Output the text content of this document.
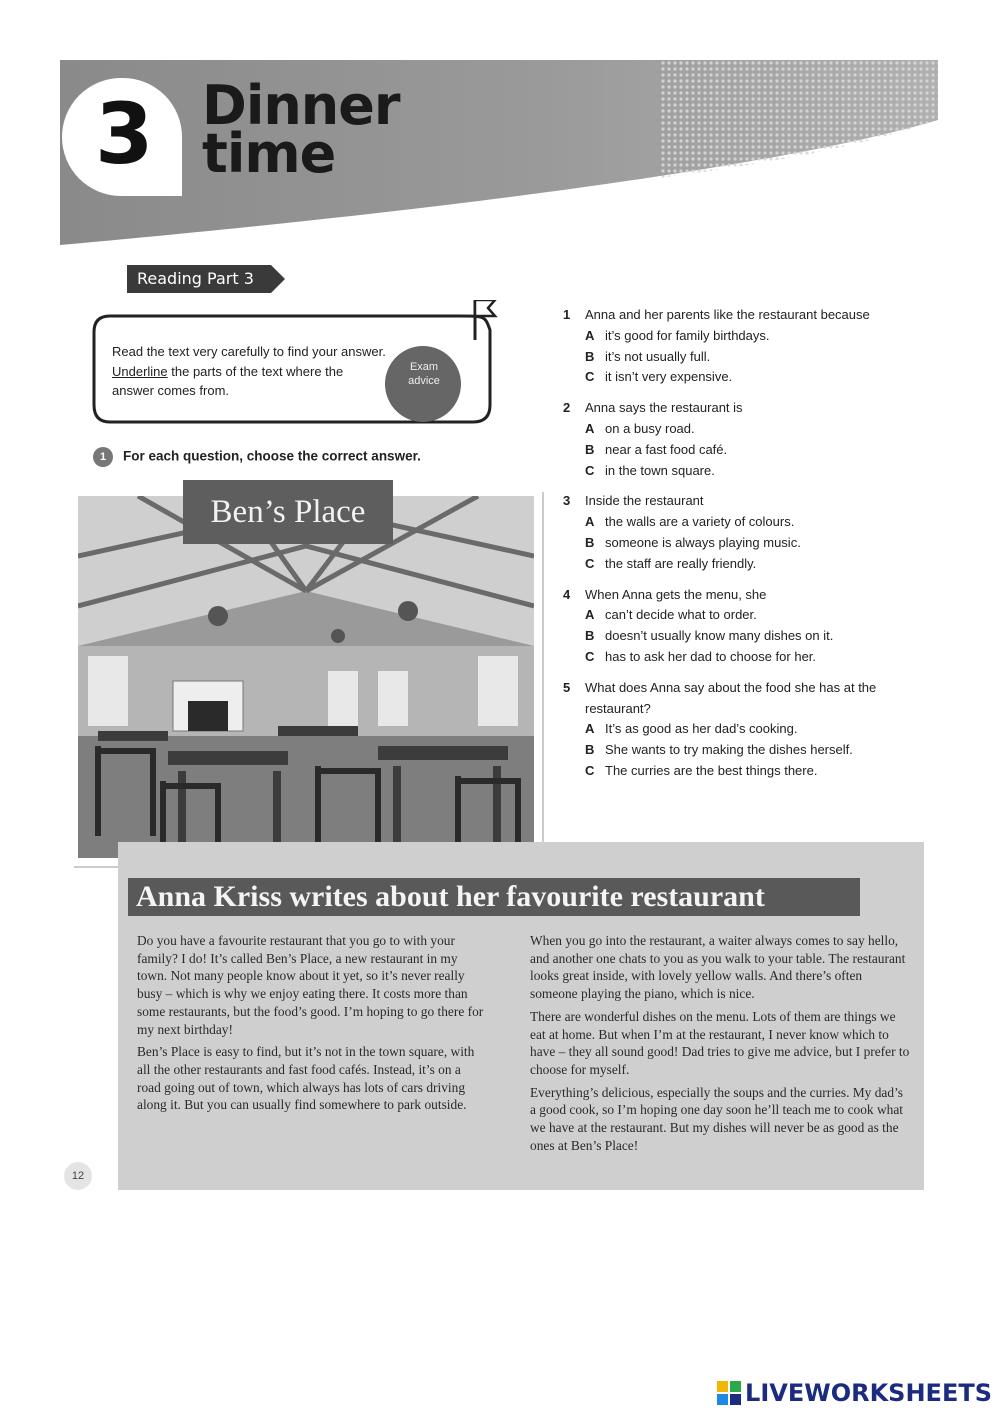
3 Dinner
time
Reading Part 3
Read the text very carefully to find your answer. Underline the parts of the text where the answer comes from.
Exam
advice
1 For each question, choose the correct answer.
Ben’s Place
1	Anna and her parents like the restaurant because
A it’s good for family birthdays.
B it’s not usually full.
C it isn’t very expensive.
2	Anna says the restaurant is
A on a busy road.
B near a fast food café.
C in the town square.
3	Inside the restaurant
A the walls are a variety of colours.
B someone is always playing music.
C the staff are really friendly.
4	When Anna gets the menu, she
A can’t decide what to order.
B doesn’t usually know many dishes on it.
C has to ask her dad to choose for her.
5	What does Anna say about the food she has at the restaurant?
A It’s as good as her dad’s cooking.
B She wants to try making the dishes herself.
C The curries are the best things there.
Anna Kriss writes about her favourite restaurant

Do you have a favourite restaurant that you go to with your family? I do! It’s called Ben’s Place, a new restaurant in my town. Not many people know about it yet, so it’s never really busy – which is why we enjoy eating there. It costs more than some restaurants, but the food’s good. I’m hoping to go there for my next birthday!

Ben’s Place is easy to find, but it’s not in the town square, with all the other restaurants and fast food cafés. Instead, it’s on a road going out of town, which always has lots of cars driving along it. But you can usually find somewhere to park outside.

When you go into the restaurant, a waiter always comes to say hello, and another one chats to you as you walk to your table. The restaurant looks great inside, with lovely yellow walls. And there’s often someone playing the piano, which is nice.

There are wonderful dishes on the menu. Lots of them are things we eat at home. But when I’m at the restaurant, I never know which to have – they all sound good! Dad tries to give me advice, but I prefer to choose for myself.

Everything’s delicious, especially the soups and the curries. My dad’s a good cook, so I’m hoping one day soon he’ll teach me to cook what we have at the restaurant. But my dishes will never be as good as the ones at Ben’s Place!

12
LIVEWORKSHEETS
